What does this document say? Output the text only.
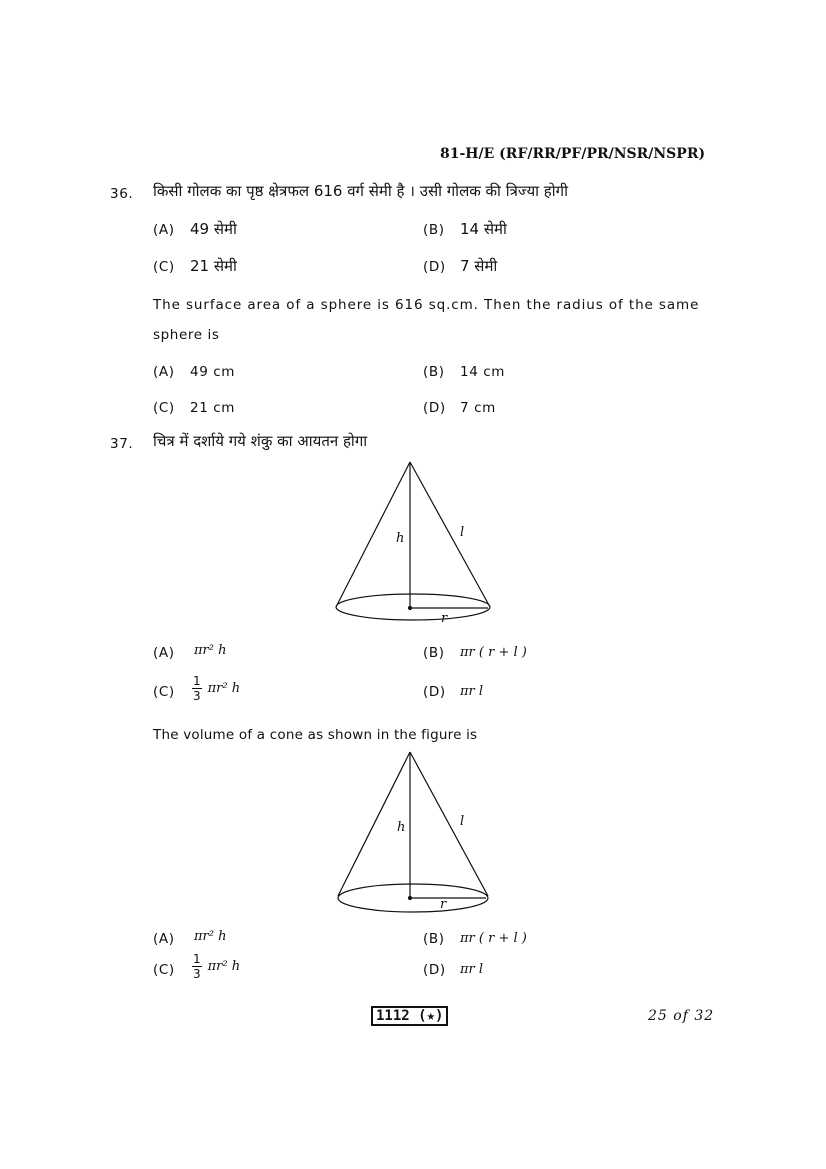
81-H/E (RF/RR/PF/PR/NSR/NSPR)
36. किसी गोलक का पृष्ठ क्षेत्रफल 616 वर्ग सेमी है । उसी गोलक की त्रिज्या होगी
(A) 49 सेमी	(B) 14 सेमी
(C) 21 सेमी	(D) 7 सेमी
The surface area of a sphere is 616 sq.cm. Then the radius of the same
sphere is
(A) 49 cm	(B) 14 cm
(C) 21 cm	(D) 7 cm
37. चित्र में दर्शाये गये शंकु का आयतन होगा
h	l
r
(A) πr² h	(B) πr ( r + l )
$(C) \frac{1}{3} \pi r^2$ h	(D) πr l
The volume of a cone as shown in the figure is
h	l
r
(A) πr² h	(B) πr ( r + l )
$(C) \frac{1}{3} \pi r^2$ h	(D) πr l
1112 (★)	25 of 32
